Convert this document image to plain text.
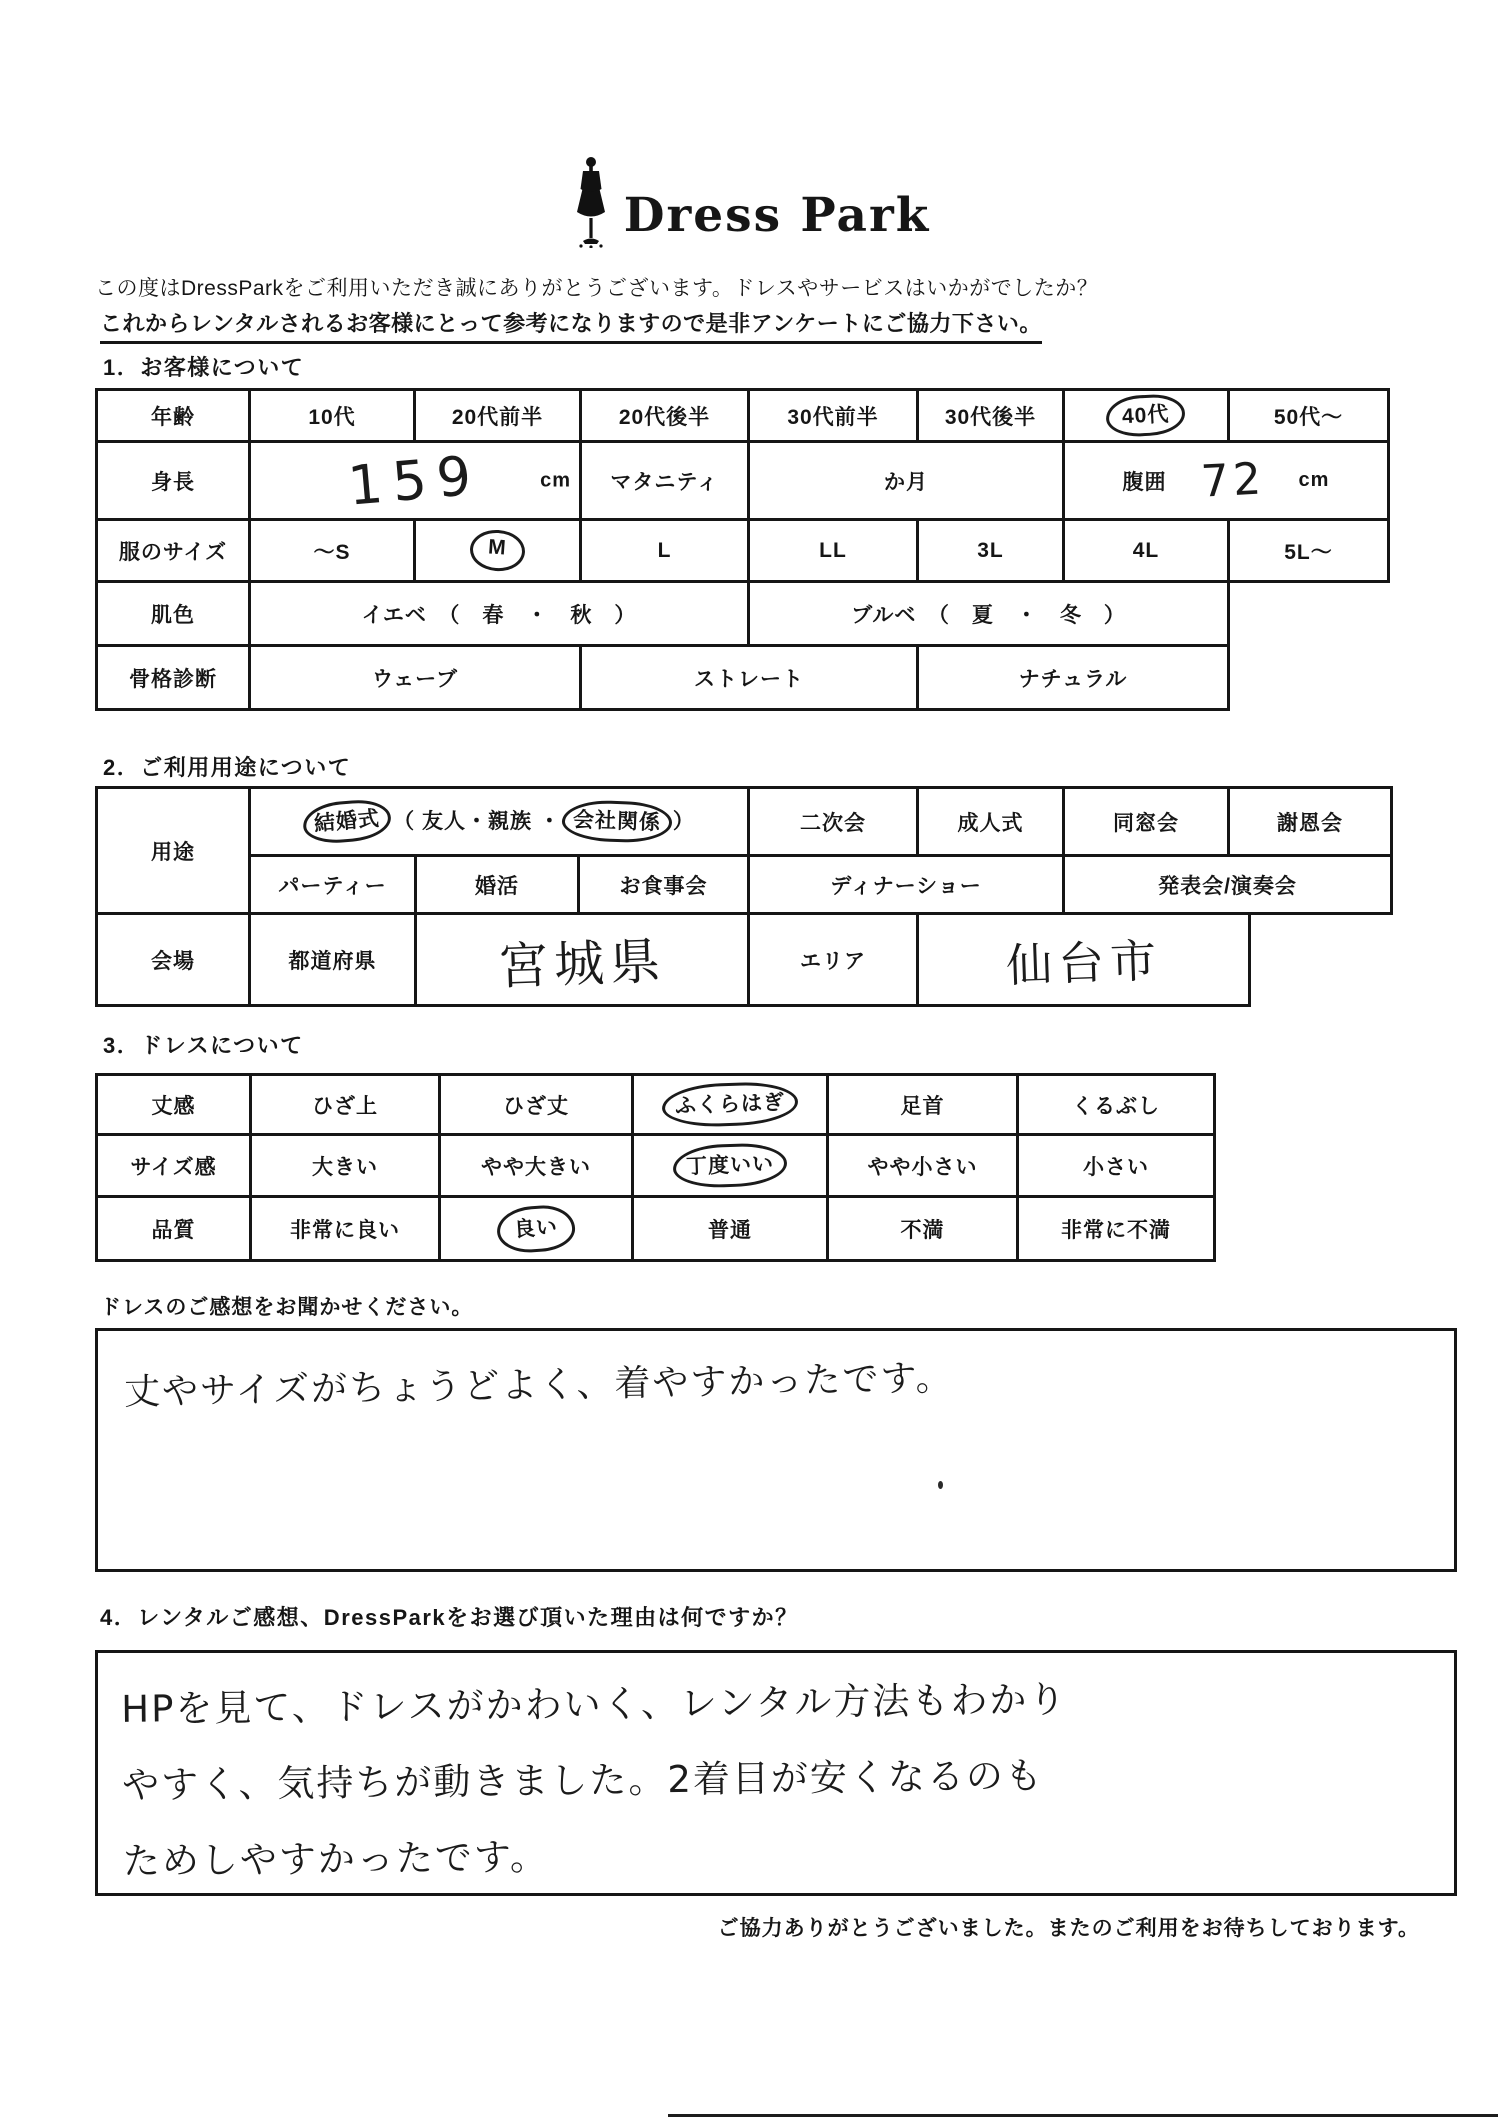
Dress Park
この度はDressParkをご利用いただき誠にありがとうございます。ドレスやサービスはいかがでしたか？
これからレンタルされるお客様にとって参考になりますので是非アンケートにご協力下さい。
1．お客様について
年齢	10代	20代前半	20代後半	30代前半	30代後半	40代	50代～
身長	159 cm		マタニティ	か月		腹囲 72 cm	

服のサイズ	～S	M	L	LL	3L	4L	5L～
肌色	イエベ　（　春　・　秋　）			ブルベ　（　夏　・　冬　）			
骨格診断	ウェーブ		ストレート		ナチュラル		
2．ご利用用途について
用途	結婚式 （ 友人・親族 ・ 会社関係 ）			二次会	成人式	同窓会	謝恩会	
	パーティー	婚活	お食事会	ディナーショー		発表会/演奏会		
会場	都道府県	宮城県		エリア	仙台市			
3．ドレスについて
丈感	ひざ上	ひざ丈	ふくらはぎ	足首	くるぶし
サイズ感	大きい	やや大きい	丁度いい	やや小さい	小さい
品質	非常に良い	良い	普通	不満	非常に不満
ドレスのご感想をお聞かせください。
丈やサイズがちょうどよく、着やすかったです。
4．レンタルご感想、DressParkをお選び頂いた理由は何ですか？
HPを見て、ドレスがかわいく、レンタル方法もわかり やすく、気持ちが動きました。2着目が安くなるのも ためしやすかったです。
ご協力ありがとうございました。またのご利用をお待ちしております。
